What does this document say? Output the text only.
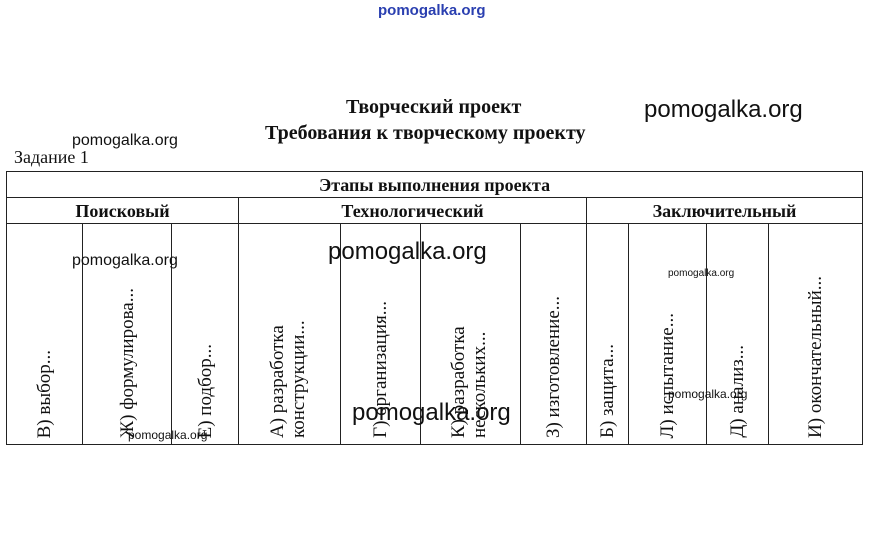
pomogalka.org
Творческий проект
Требования к творческому проекту
pomogalka.org
pomogalka.org
Задание 1
Этапы выполнения проекта										
Поисковый			Технологический				Заключительный			

В) выбор...	Ж) формулирова...	Е) подбор...	А) разработка конструкции...	Г) организация...	К) разработка нескольких...	З) изготовление...	Б) защита...	Л) испытание...	Д) анализ...	И) окончательный...
pomogalka.org	pomogalka.org
pomogalka.org
pomogalka.org
pomogalka.org
pomogalka.org
